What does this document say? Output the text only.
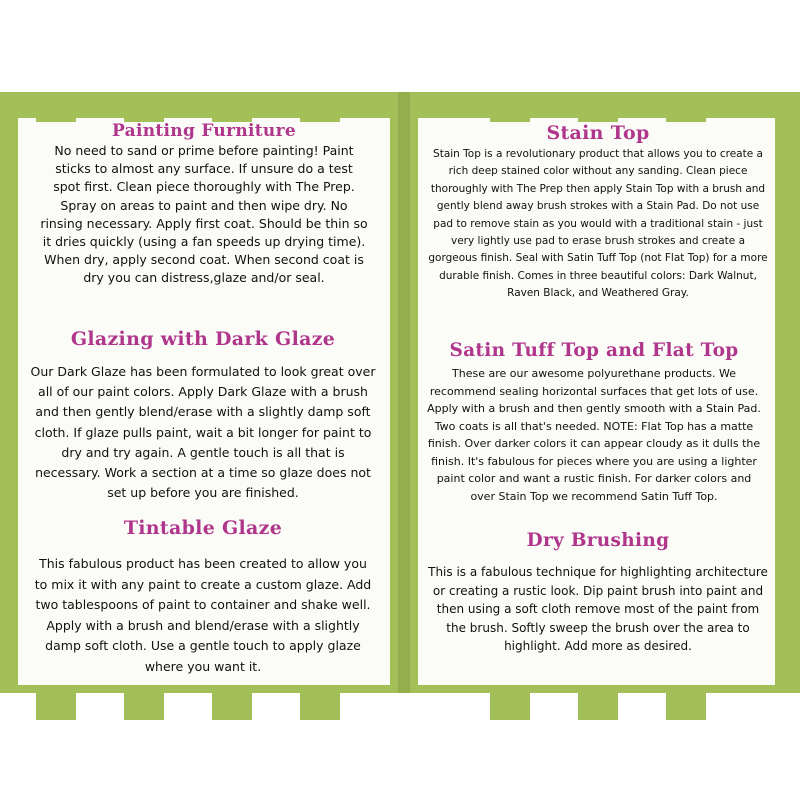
Painting Furniture

No need to sand or prime before painting! Paint sticks to almost any surface. If unsure do a test spot first. Clean piece thoroughly with The Prep. Spray on areas to paint and then wipe dry. No rinsing necessary. Apply first coat. Should be thin so it dries quickly (using a fan speeds up drying time). When dry, apply second coat. When second coat is dry you can distress,glaze and/or seal.

Glazing with Dark Glaze

Our Dark Glaze has been formulated to look great over all of our paint colors. Apply Dark Glaze with a brush and then gently blend/erase with a slightly damp soft cloth. If glaze pulls paint, wait a bit longer for paint to dry and try again. A gentle touch is all that is necessary. Work a section at a time so glaze does not set up before you are finished.

Tintable Glaze

This fabulous product has been created to allow you to mix it with any paint to create a custom glaze. Add two tablespoons of paint to container and shake well. Apply with a brush and blend/erase with a slightly damp soft cloth. Use a gentle touch to apply glaze where you want it.

Stain Top

Stain Top is a revolutionary product that allows you to create a rich deep stained color without any sanding. Clean piece thoroughly with The Prep then apply Stain Top with a brush and gently blend away brush strokes with a Stain Pad. Do not use pad to remove stain as you would with a traditional stain - just very lightly use pad to erase brush strokes and create a gorgeous finish. Seal with Satin Tuff Top (not Flat Top) for a more durable finish. Comes in three beautiful colors: Dark Walnut, Raven Black, and Weathered Gray.

Satin Tuff Top and Flat Top

These are our awesome polyurethane products. We recommend sealing horizontal surfaces that get lots of use. Apply with a brush and then gently smooth with a Stain Pad. Two coats is all that's needed. NOTE: Flat Top has a matte finish. Over darker colors it can appear cloudy as it dulls the finish. It's fabulous for pieces where you are using a lighter paint color and want a rustic finish. For darker colors and over Stain Top we recommend Satin Tuff Top.

Dry Brushing

This is a fabulous technique for highlighting architecture or creating a rustic look. Dip paint brush into paint and then using a soft cloth remove most of the paint from the brush. Softly sweep the brush over the area to highlight. Add more as desired.
